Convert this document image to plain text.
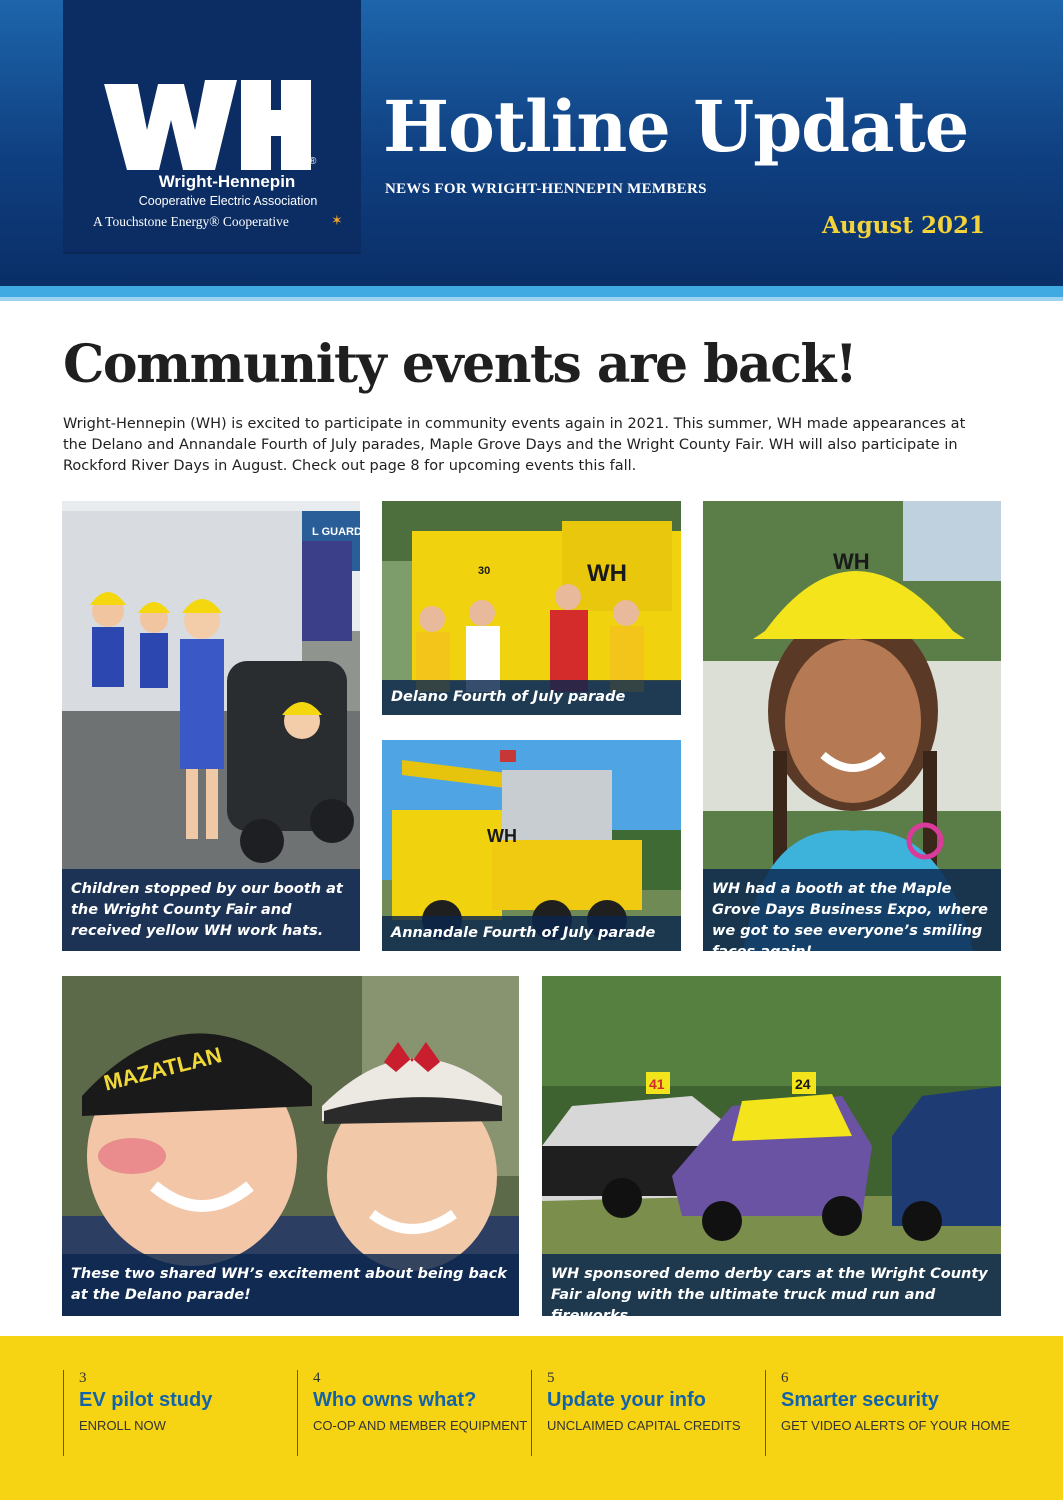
®
Wright-Hennepin
Cooperative Electric Association
A Touchstone Energy® Cooperative	✶
Hotline Update
NEWS FOR WRIGHT-HENNEPIN MEMBERS
August 2021
Community events are back!

Wright-Hennepin (WH) is excited to participate in community events again in 2021. This summer, WH made appearances at the Delano and Annandale Fourth of July parades, Maple Grove Days and the Wright County Fair. WH will also participate in Rockford River Days in August. Check out page 8 for upcoming events this fall.

L GUARD
Children stopped by our booth at the Wright County Fair and received yellow WH work hats.
WH
30
Delano Fourth of July parade
WH
Annandale Fourth of July parade
WH
WH had a booth at the Maple Grove Days Business Expo, where we got to see everyone’s smiling faces again!
MAZATLAN
These two shared WH’s excitement about being back at the Delano parade!
41	24
WH sponsored demo derby cars at the Wright County Fair along with the ultimate truck mud run and fireworks.
3
EV pilot study
ENROLL NOW
4
Who owns what?
CO-OP AND MEMBER EQUIPMENT
5
Update your info
UNCLAIMED CAPITAL CREDITS
6
Smarter security
GET VIDEO ALERTS OF YOUR HOME
